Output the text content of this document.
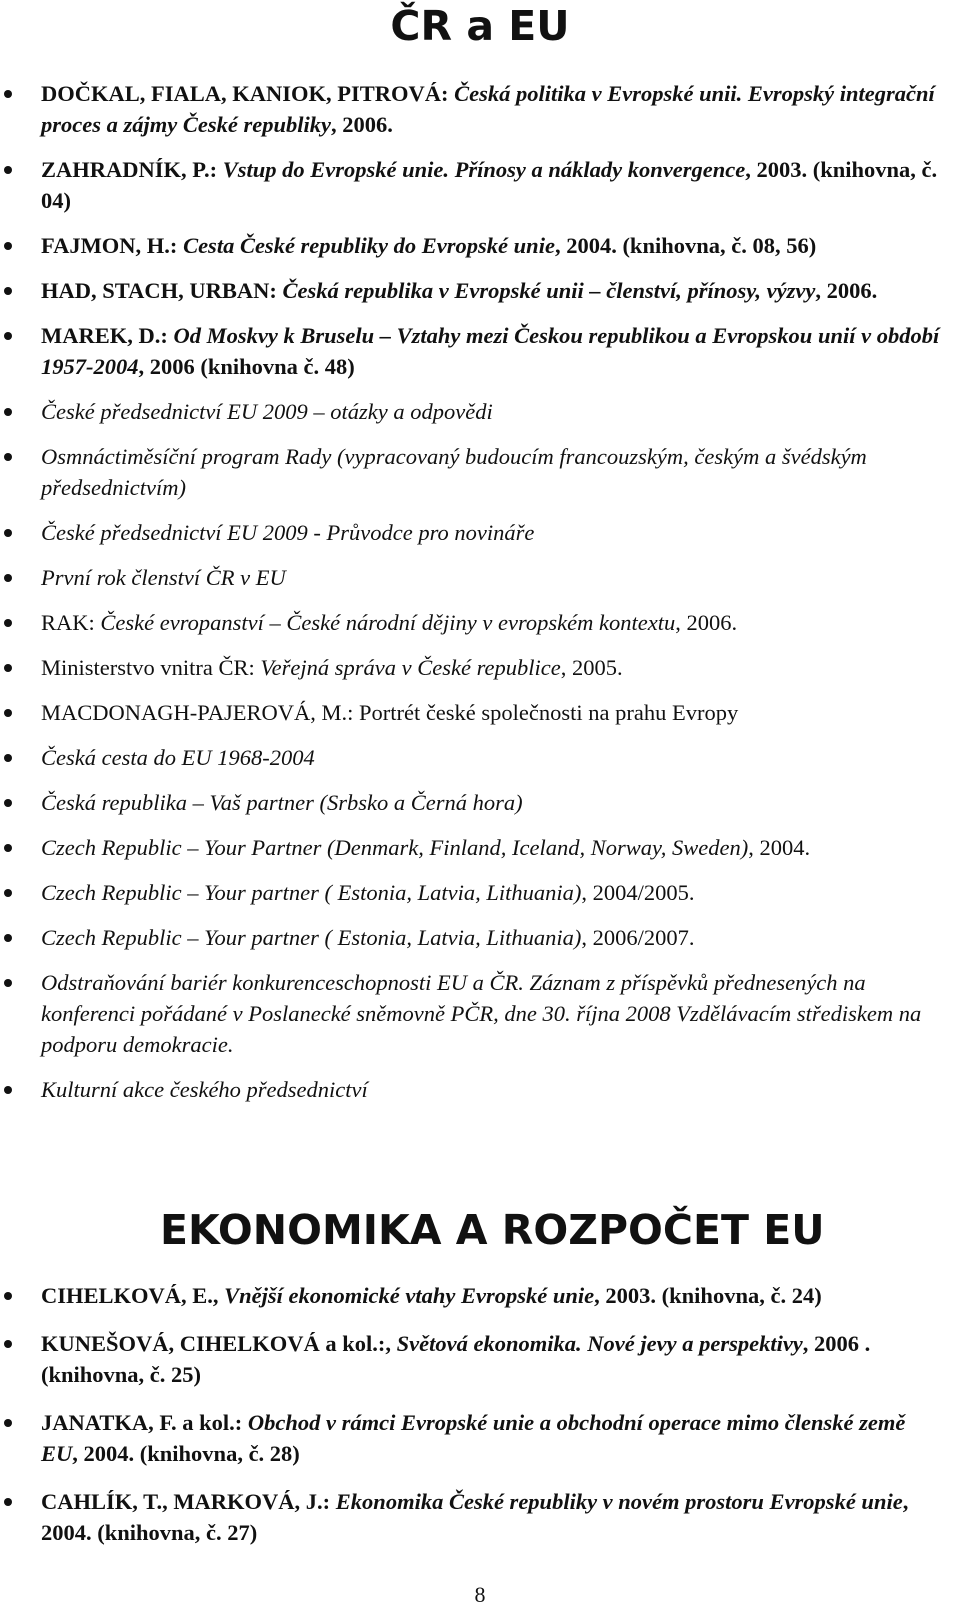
ČR a EU
DOČKAL, FIALA, KANIOK, PITROVÁ: Česká politika v Evropské unii. Evropský integrační proces a zájmy České republiky, 2006.
ZAHRADNÍK, P.: Vstup do Evropské unie. Přínosy a náklady konvergence, 2003. (knihovna, č. 04)
FAJMON, H.: Cesta České republiky do Evropské unie, 2004. (knihovna, č. 08, 56)
HAD, STACH, URBAN: Česká republika v Evropské unii – členství, přínosy, výzvy, 2006.
MAREK, D.: Od Moskvy k Bruselu – Vztahy mezi Českou republikou a Evropskou unií v období 1957-2004, 2006 (knihovna č. 48)
České předsednictví EU 2009 – otázky a odpovědi
Osmnáctiměsíční program Rady (vypracovaný budoucím francouzským, českým a švédským předsednictvím)
České předsednictví EU 2009 - Průvodce pro novináře
První rok členství ČR v EU
RAK: České evropanství – České národní dějiny v evropském kontextu, 2006.
Ministerstvo vnitra ČR: Veřejná správa v České republice, 2005.
MACDONAGH-PAJEROVÁ, M.: Portrét české společnosti na prahu Evropy
Česká cesta do EU 1968-2004
Česká republika – Vaš partner (Srbsko a Černá hora)
Czech Republic – Your Partner (Denmark, Finland, Iceland, Norway, Sweden), 2004.
Czech Republic – Your partner ( Estonia, Latvia, Lithuania), 2004/2005.
Czech Republic – Your partner ( Estonia, Latvia, Lithuania), 2006/2007.
Odstraňování bariér konkurenceschopnosti EU a ČR. Záznam z příspěvků přednesených na konferenci pořádané v Poslanecké sněmovně PČR, dne 30. října 2008 Vzdělávacím střediskem na podporu demokracie.
Kulturní akce českého předsednictví
EKONOMIKA A ROZPOČET EU
CIHELKOVÁ, E., Vnější ekonomické vtahy Evropské unie, 2003. (knihovna, č. 24)
KUNEŠOVÁ, CIHELKOVÁ a kol.:, Světová ekonomika. Nové jevy a perspektivy, 2006 . (knihovna, č. 25)
JANATKA, F. a kol.: Obchod v rámci Evropské unie a obchodní operace mimo členské země EU, 2004. (knihovna, č. 28)
CAHLÍK, T., MARKOVÁ, J.: Ekonomika České republiky v novém prostoru Evropské unie, 2004. (knihovna, č. 27)
8
